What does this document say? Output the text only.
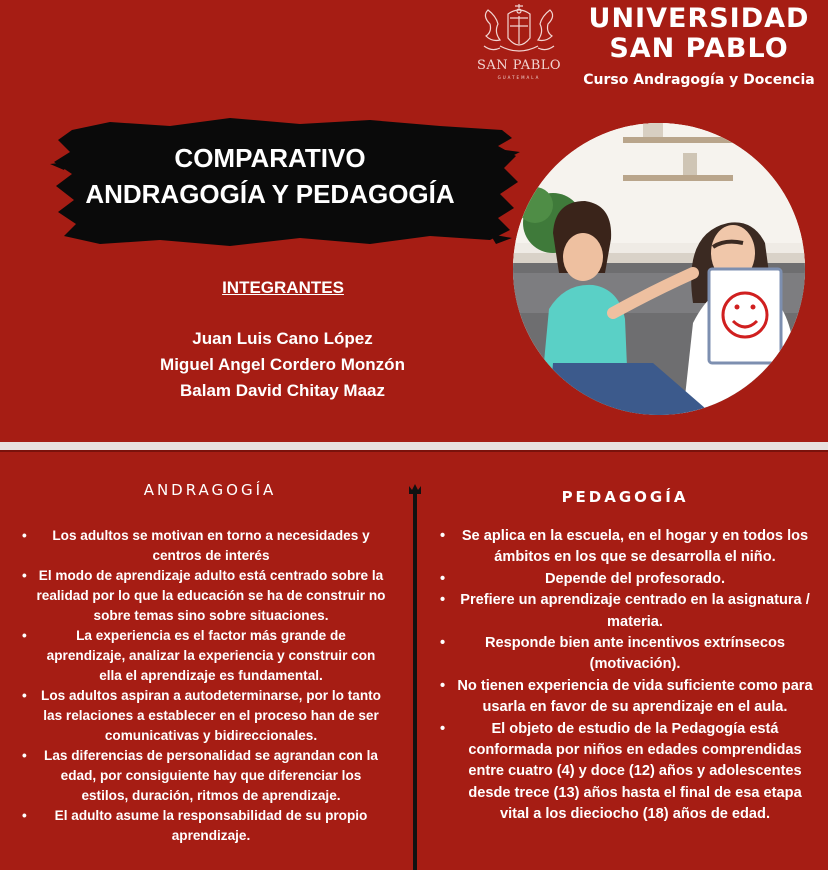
SAN PABLO
GUATEMALA
UNIVERSIDAD
SAN PABLO
Curso Andragogía y Docencia
COMPARATIVO
ANDRAGOGÍA Y PEDAGOGÍA
INTEGRANTES
Juan Luis Cano López
Miguel Angel Cordero Monzón
Balam David Chitay Maaz
ANDRAGOGÍA	PEDAGOGÍA
• Los adultos se motivan en torno a necesidades y centros de interés
• El modo de aprendizaje adulto está centrado sobre la realidad por lo que la educación se ha de construir no sobre temas sino sobre situaciones.
• La experiencia es el factor más grande de aprendizaje, analizar la experiencia y construir con ella el aprendizaje es fundamental.
• Los adultos aspiran a autodeterminarse, por lo tanto las relaciones a establecer en el proceso han de ser comunicativas y bidireccionales.
• Las diferencias de personalidad se agrandan con la edad, por consiguiente hay que diferenciar los estilos, duración, ritmos de aprendizaje.
• El adulto asume la responsabilidad de su propio aprendizaje.
• Se aplica en la escuela, en el hogar y en todos los ámbitos en los que se desarrolla el niño.
• Depende del profesorado.
• Prefiere un aprendizaje centrado en la asignatura / materia.
• Responde bien ante incentivos extrínsecos (motivación).
• No tienen experiencia de vida suficiente como para usarla en favor de su aprendizaje en el aula.
• El objeto de estudio de la Pedagogía está conformada por niños en edades comprendidas entre cuatro (4) y doce (12) años y adolescentes desde trece (13) años hasta el final de esa etapa vital a los dieciocho (18) años de edad.
